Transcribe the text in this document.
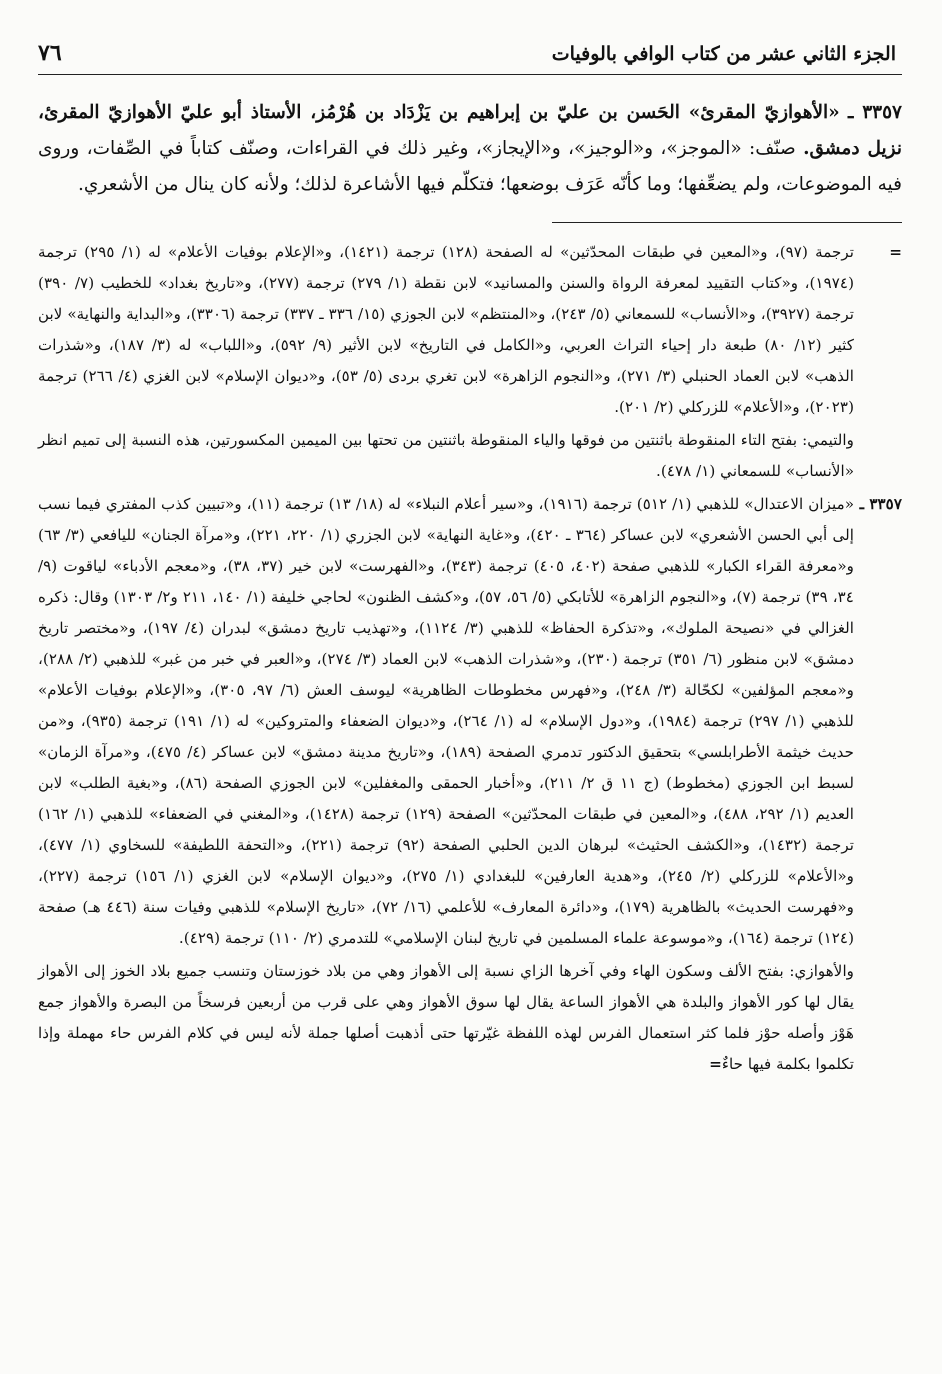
الجزء الثاني عشر من كتاب الوافي بالوفيات
٧٦

٣٣٥٧ ـ «الأهوازيّ المقرئ» الحَسن بن عليّ بن إبراهيم بن يَزْدَاد بن هُرْمُز، الأستاذ أبو عليّ الأهوازيّ المقرئ، نزيل دمشق. صنّف: «الموجز»، و«الوجيز»، و«الإيجاز»، وغير ذلك في القراءات، وصنّف كتاباً في الصِّفات، وروى فيه الموضوعات، ولم يضعِّفها؛ وما كأنّه عَرَف بوضعها؛ فتكلّم فيها الأشاعرة لذلك؛ ولأنه كان ينال من الأشعري.

=
ترجمة (٩٧)، و«المعين في طبقات المحدّثين» له الصفحة (١٢٨) ترجمة (١٤٢١)، و«الإعلام بوفيات الأعلام» له (١/ ٢٩٥) ترجمة (١٩٧٤)، و«كتاب التقييد لمعرفة الرواة والسنن والمسانيد» لابن نقطة (١/ ٢٧٩) ترجمة (٢٧٧)، و«تاريخ بغداد» للخطيب (٧/ ٣٩٠) ترجمة (٣٩٢٧)، و«الأنساب» للسمعاني (٥/ ٢٤٣)، و«المنتظم» لابن الجوزي (١٥/ ٣٣٦ ـ ٣٣٧) ترجمة (٣٣٠٦)، و«البداية والنهاية» لابن كثير (١٢/ ٨٠) طبعة دار إحياء التراث العربي، و«الكامل في التاريخ» لابن الأثير (٩/ ٥٩٢)، و«اللباب» له (٣/ ١٨٧)، و«شذرات الذهب» لابن العماد الحنبلي (٣/ ٢٧١)، و«النجوم الزاهرة» لابن تغري بردى (٥/ ٥٣)، و«ديوان الإسلام» لابن الغزي (٤/ ٢٦٦) ترجمة (٢٠٢٣)، و«الأعلام» للزركلي (٢/ ٢٠١).
والتيمي: بفتح التاء المنقوطة باثنتين من فوقها والياء المنقوطة باثنتين من تحتها بين الميمين المكسورتين، هذه النسبة إلى تميم انظر «الأنساب» للسمعاني (١/ ٤٧٨).
٣٣٥٧ ـ
«ميزان الاعتدال» للذهبي (١/ ٥١٢) ترجمة (١٩١٦)، و«سير أعلام النبلاء» له (١٨/ ١٣) ترجمة (١١)، و«تبيين كذب المفتري فيما نسب إلى أبي الحسن الأشعري» لابن عساكر (٣٦٤ ـ ٤٢٠)، و«غاية النهاية» لابن الجزري (١/ ٢٢٠، ٢٢١)، و«مرآة الجنان» لليافعي (٣/ ٦٣) و«معرفة القراء الكبار» للذهبي صفحة (٤٠٢، ٤٠٥) ترجمة (٣٤٣)، و«الفهرست» لابن خير (٣٧، ٣٨)، و«معجم الأدباء» لياقوت (٩/ ٣٤، ٣٩) ترجمة (٧)، و«النجوم الزاهرة» للأتابكي (٥/ ٥٦، ٥٧)، و«كشف الظنون» لحاجي خليفة (١/ ١٤٠، ٢١١ و٢/ ١٣٠٣) وقال: ذكره الغزالي في «نصيحة الملوك»، و«تذكرة الحفاظ» للذهبي (٣/ ١١٢٤)، و«تهذيب تاريخ دمشق» لبدران (٤/ ١٩٧)، و«مختصر تاريخ دمشق» لابن منظور (٦/ ٣٥١) ترجمة (٢٣٠)، و«شذرات الذهب» لابن العماد (٣/ ٢٧٤)، و«العبر في خبر من غبر» للذهبي (٢/ ٢٨٨)، و«معجم المؤلفين» لكحّالة (٣/ ٢٤٨)، و«فهرس مخطوطات الظاهرية» ليوسف العش (٦/ ٩٧، ٣٠٥)، و«الإعلام بوفيات الأعلام» للذهبي (١/ ٢٩٧) ترجمة (١٩٨٤)، و«دول الإسلام» له (١/ ٢٦٤)، و«ديوان الضعفاء والمتروكين» له (١/ ١٩١) ترجمة (٩٣٥)، و«من حديث خيثمة الأطرابلسي» بتحقيق الدكتور تدمري الصفحة (١٨٩)، و«تاريخ مدينة دمشق» لابن عساكر (٤/ ٤٧٥)، و«مرآة الزمان» لسبط ابن الجوزي (مخطوط) (ج ١١ ق ٢/ ٢١١)، و«أخبار الحمقى والمغفلين» لابن الجوزي الصفحة (٨٦)، و«بغية الطلب» لابن العديم (١/ ٢٩٢، ٤٨٨)، و«المعين في طبقات المحدّثين» الصفحة (١٢٩) ترجمة (١٤٢٨)، و«المغني في الضعفاء» للذهبي (١/ ١٦٢) ترجمة (١٤٣٢)، و«الكشف الحثيث» لبرهان الدين الحلبي الصفحة (٩٢) ترجمة (٢٢١)، و«التحفة اللطيفة» للسخاوي (١/ ٤٧٧)، و«الأعلام» للزركلي (٢/ ٢٤٥)، و«هدية العارفين» للبغدادي (١/ ٢٧٥)، و«ديوان الإسلام» لابن الغزي (١/ ١٥٦) ترجمة (٢٢٧)، و«فهرست الحديث» بالظاهرية (١٧٩)، و«دائرة المعارف» للأعلمي (١٦/ ٧٢)، «تاريخ الإسلام» للذهبي وفيات سنة (٤٤٦ هـ) صفحة (١٢٤) ترجمة (١٦٤)، و«موسوعة علماء المسلمين في تاريخ لبنان الإسلامي» للتدمري (٢/ ١١٠) ترجمة (٤٢٩).
والأهوازي: بفتح الألف وسكون الهاء وفي آخرها الزاي نسبة إلى الأهواز وهي من بلاد خوزستان وتنسب جميع بلاد الخوز إلى الأهواز يقال لها كور الأهواز والبلدة هي الأهواز الساعة يقال لها سوق الأهواز وهي على قرب من أربعين فرسخاً من البصرة والأهواز جمع هَوْز وأصله حوْز فلما كثر استعمال الفرس لهذه اللفظة غيّرتها حتى أذهبت أصلها جملة لأنه ليس في كلام الفرس حاء مهملة وإذا تكلموا بكلمة فيها حاءٌ=
